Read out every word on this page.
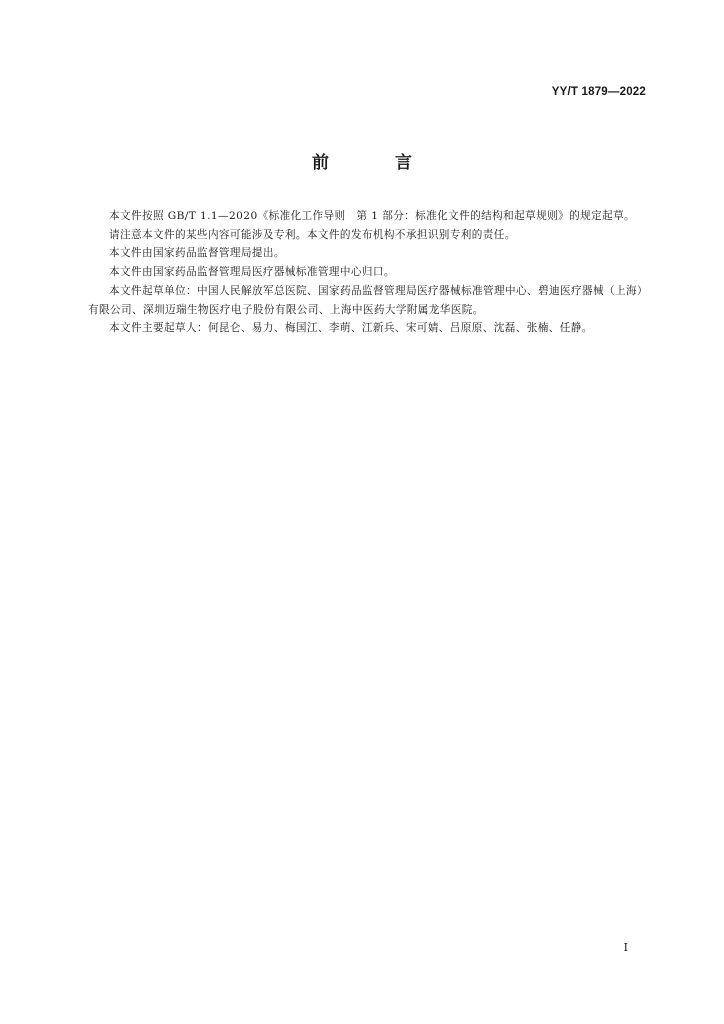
YY/T 1879—2022
前 言

本文件按照 GB/T 1.1—2020《标准化工作导则　第 1 部分：标准化文件的结构和起草规则》的规定起草。

请注意本文件的某些内容可能涉及专利。本文件的发布机构不承担识别专利的责任。

本文件由国家药品监督管理局提出。

本文件由国家药品监督管理局医疗器械标准管理中心归口。

本文件起草单位：中国人民解放军总医院、国家药品监督管理局医疗器械标准管理中心、碧迪医疗器械（上海）有限公司、深圳迈瑞生物医疗电子股份有限公司、上海中医药大学附属龙华医院。

本文件主要起草人：何昆仑、易力、梅国江、李萌、江新兵、宋可婧、吕原原、沈磊、张楠、任静。

I
